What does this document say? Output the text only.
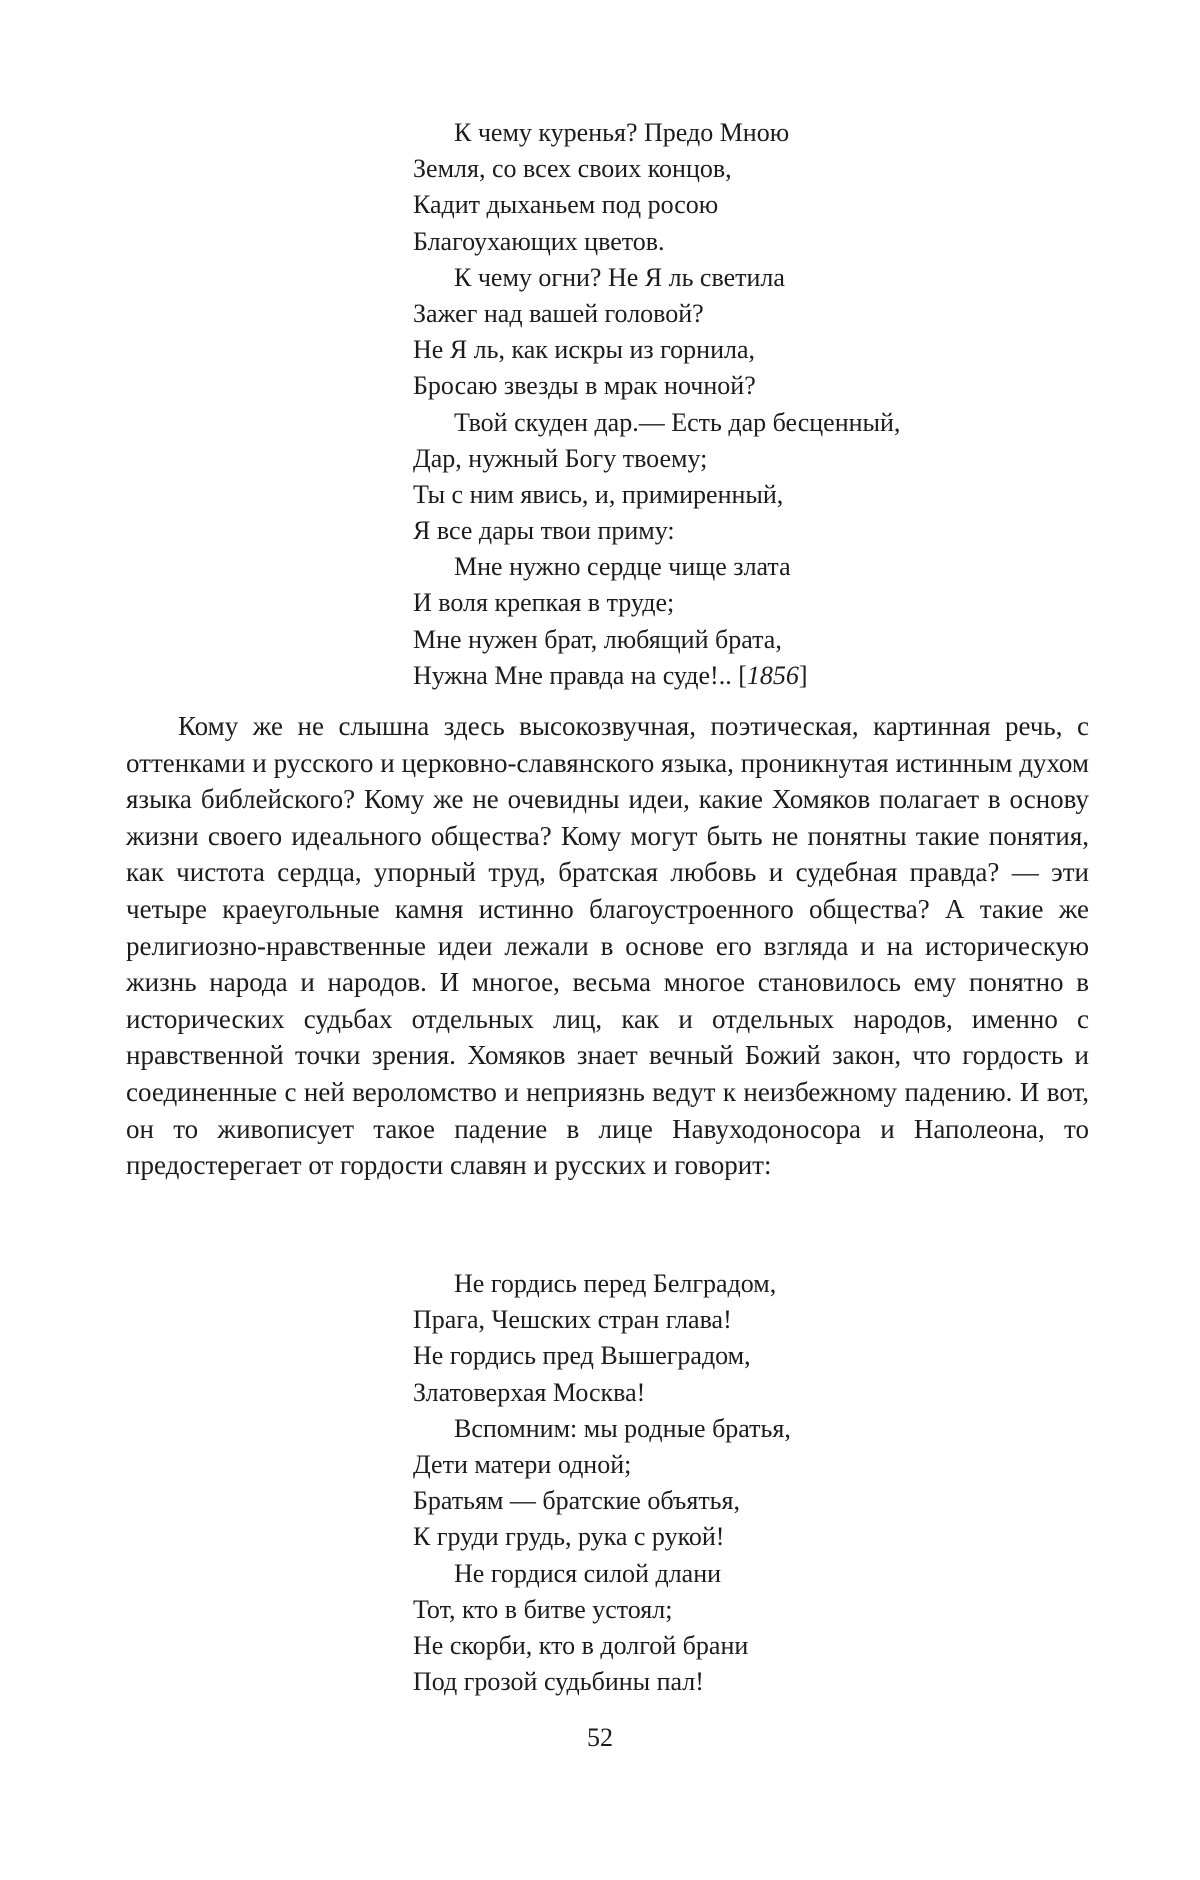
К чему куренья? Предо Мною
Земля, со всех своих концов,
Кадит дыханьем под росою
Благоухающих цветов.
К чему огни? Не Я ль светила
Зажег над вашей головой?
Не Я ль, как искры из горнила,
Бросаю звезды в мрак ночной?
Твой скуден дар.— Есть дар бесценный,
Дар, нужный Богу твоему;
Ты с ним явись, и, примиренный,
Я все дары твои приму:
Мне нужно сердце чище злата
И воля крепкая в труде;
Мне нужен брат, любящий брата,
Нужна Мне правда на суде!.. [1856]

Кому же не слышна здесь высокозвучная, поэтическая, картинная речь, с оттенками и русского и церковно-славянского языка, проникнутая истинным духом языка библейского? Кому же не очевидны идеи, какие Хомяков полагает в основу жизни своего идеального общества? Кому могут быть не понятны такие понятия, как чистота сердца, упорный труд, братская любовь и судебная правда? — эти четыре краеугольные камня истинно благоустроенного общества? А такие же религиозно-нравственные идеи лежали в основе его взгляда и на историческую жизнь народа и народов. И многое, весьма многое становилось ему понятно в исторических судьбах отдельных лиц, как и отдельных народов, именно с нравственной точки зрения. Хомяков знает вечный Божий закон, что гордость и соединенные с ней вероломство и неприязнь ведут к неизбежному падению. И вот, он то живописует такое падение в лице Навуходоносора и Наполеона, то предостерегает от гордости славян и русских и говорит:

Не гордись перед Белградом,
Прага, Чешских стран глава!
Не гордись пред Вышеградом,
Златоверхая Москва!
Вспомним: мы родные братья,
Дети матери одной;
Братьям — братские объятья,
К груди грудь, рука с рукой!
Не гордися силой длани
Тот, кто в битве устоял;
Не скорби, кто в долгой брани
Под грозой судьбины пал!
52
